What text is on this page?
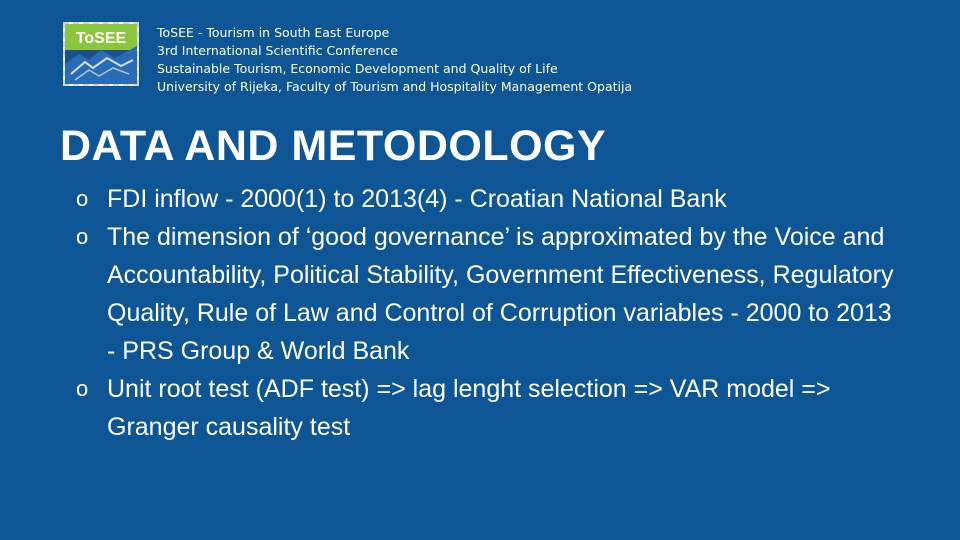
ToSEE ToSEE - Tourism in South East Europe
3rd International Scientific Conference
Sustainable Tourism, Economic Development and Quality of Life
University of Rijeka, Faculty of Tourism and Hospitality Management Opatija
DATA AND METODOLOGY
o FDI inflow - 2000(1) to 2013(4) - Croatian National Bank
o The dimension of ‘good governance’ is approximated by the Voice and Accountability, Political Stability, Government Effectiveness, Regulatory Quality, Rule of Law and Control of Corruption variables - 2000 to 2013 - PRS Group & World Bank
o Unit root test (ADF test) => lag lenght selection => VAR model => Granger causality test
